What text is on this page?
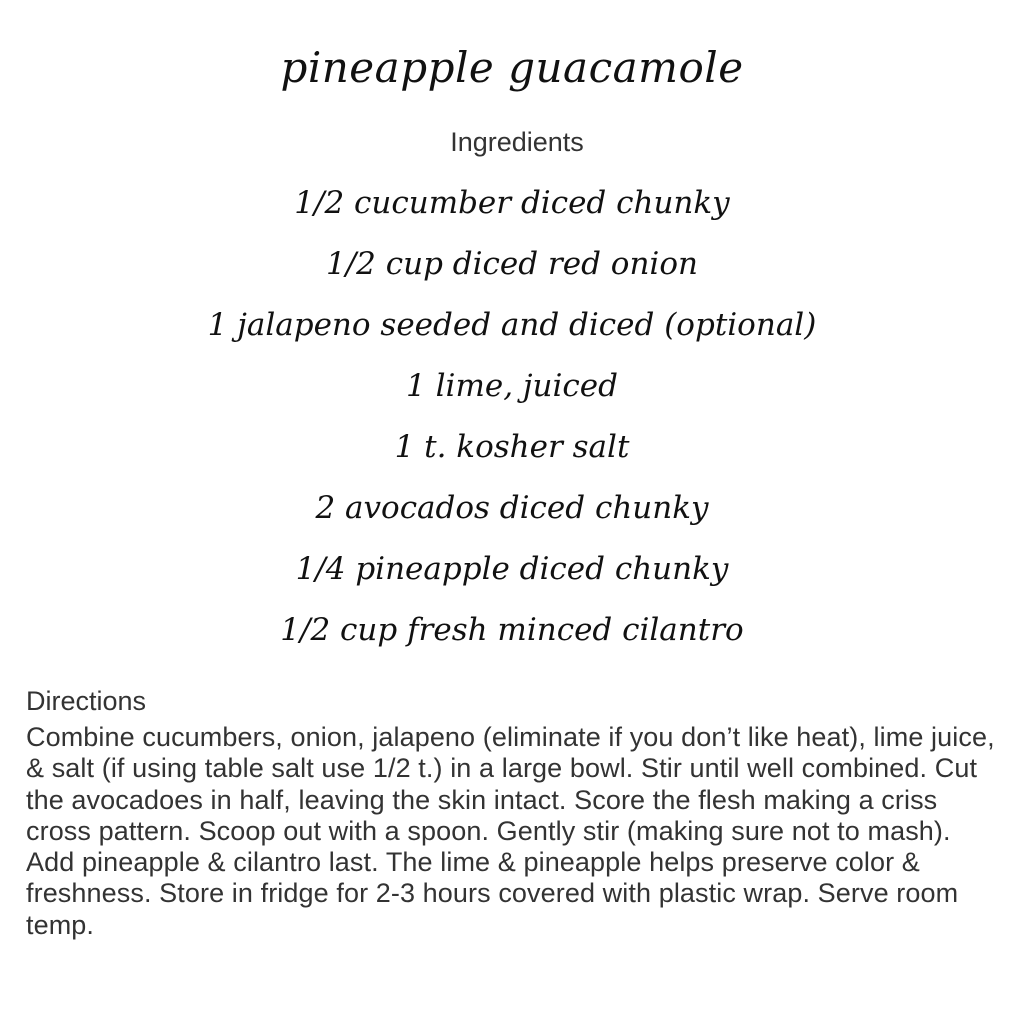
pineapple guacamole
Ingredients
1/2 cucumber diced chunky
1/2 cup diced red onion
1 jalapeno seeded and diced (optional)
1 lime, juiced
1 t. kosher salt
2 avocados diced chunky
1/4 pineapple diced chunky
1/2 cup fresh minced cilantro
Directions
Combine cucumbers, onion, jalapeno (eliminate if you don’t like heat), lime juice, & salt (if using table salt use 1/2 t.) in a large bowl. Stir until well combined. Cut the avocadoes in half, leaving the skin intact. Score the flesh making a criss cross pattern. Scoop out with a spoon. Gently stir (making sure not to mash). Add pineapple & cilantro last. The lime & pineapple helps preserve color & freshness. Store in fridge for 2-3 hours covered with plastic wrap. Serve room temp.
